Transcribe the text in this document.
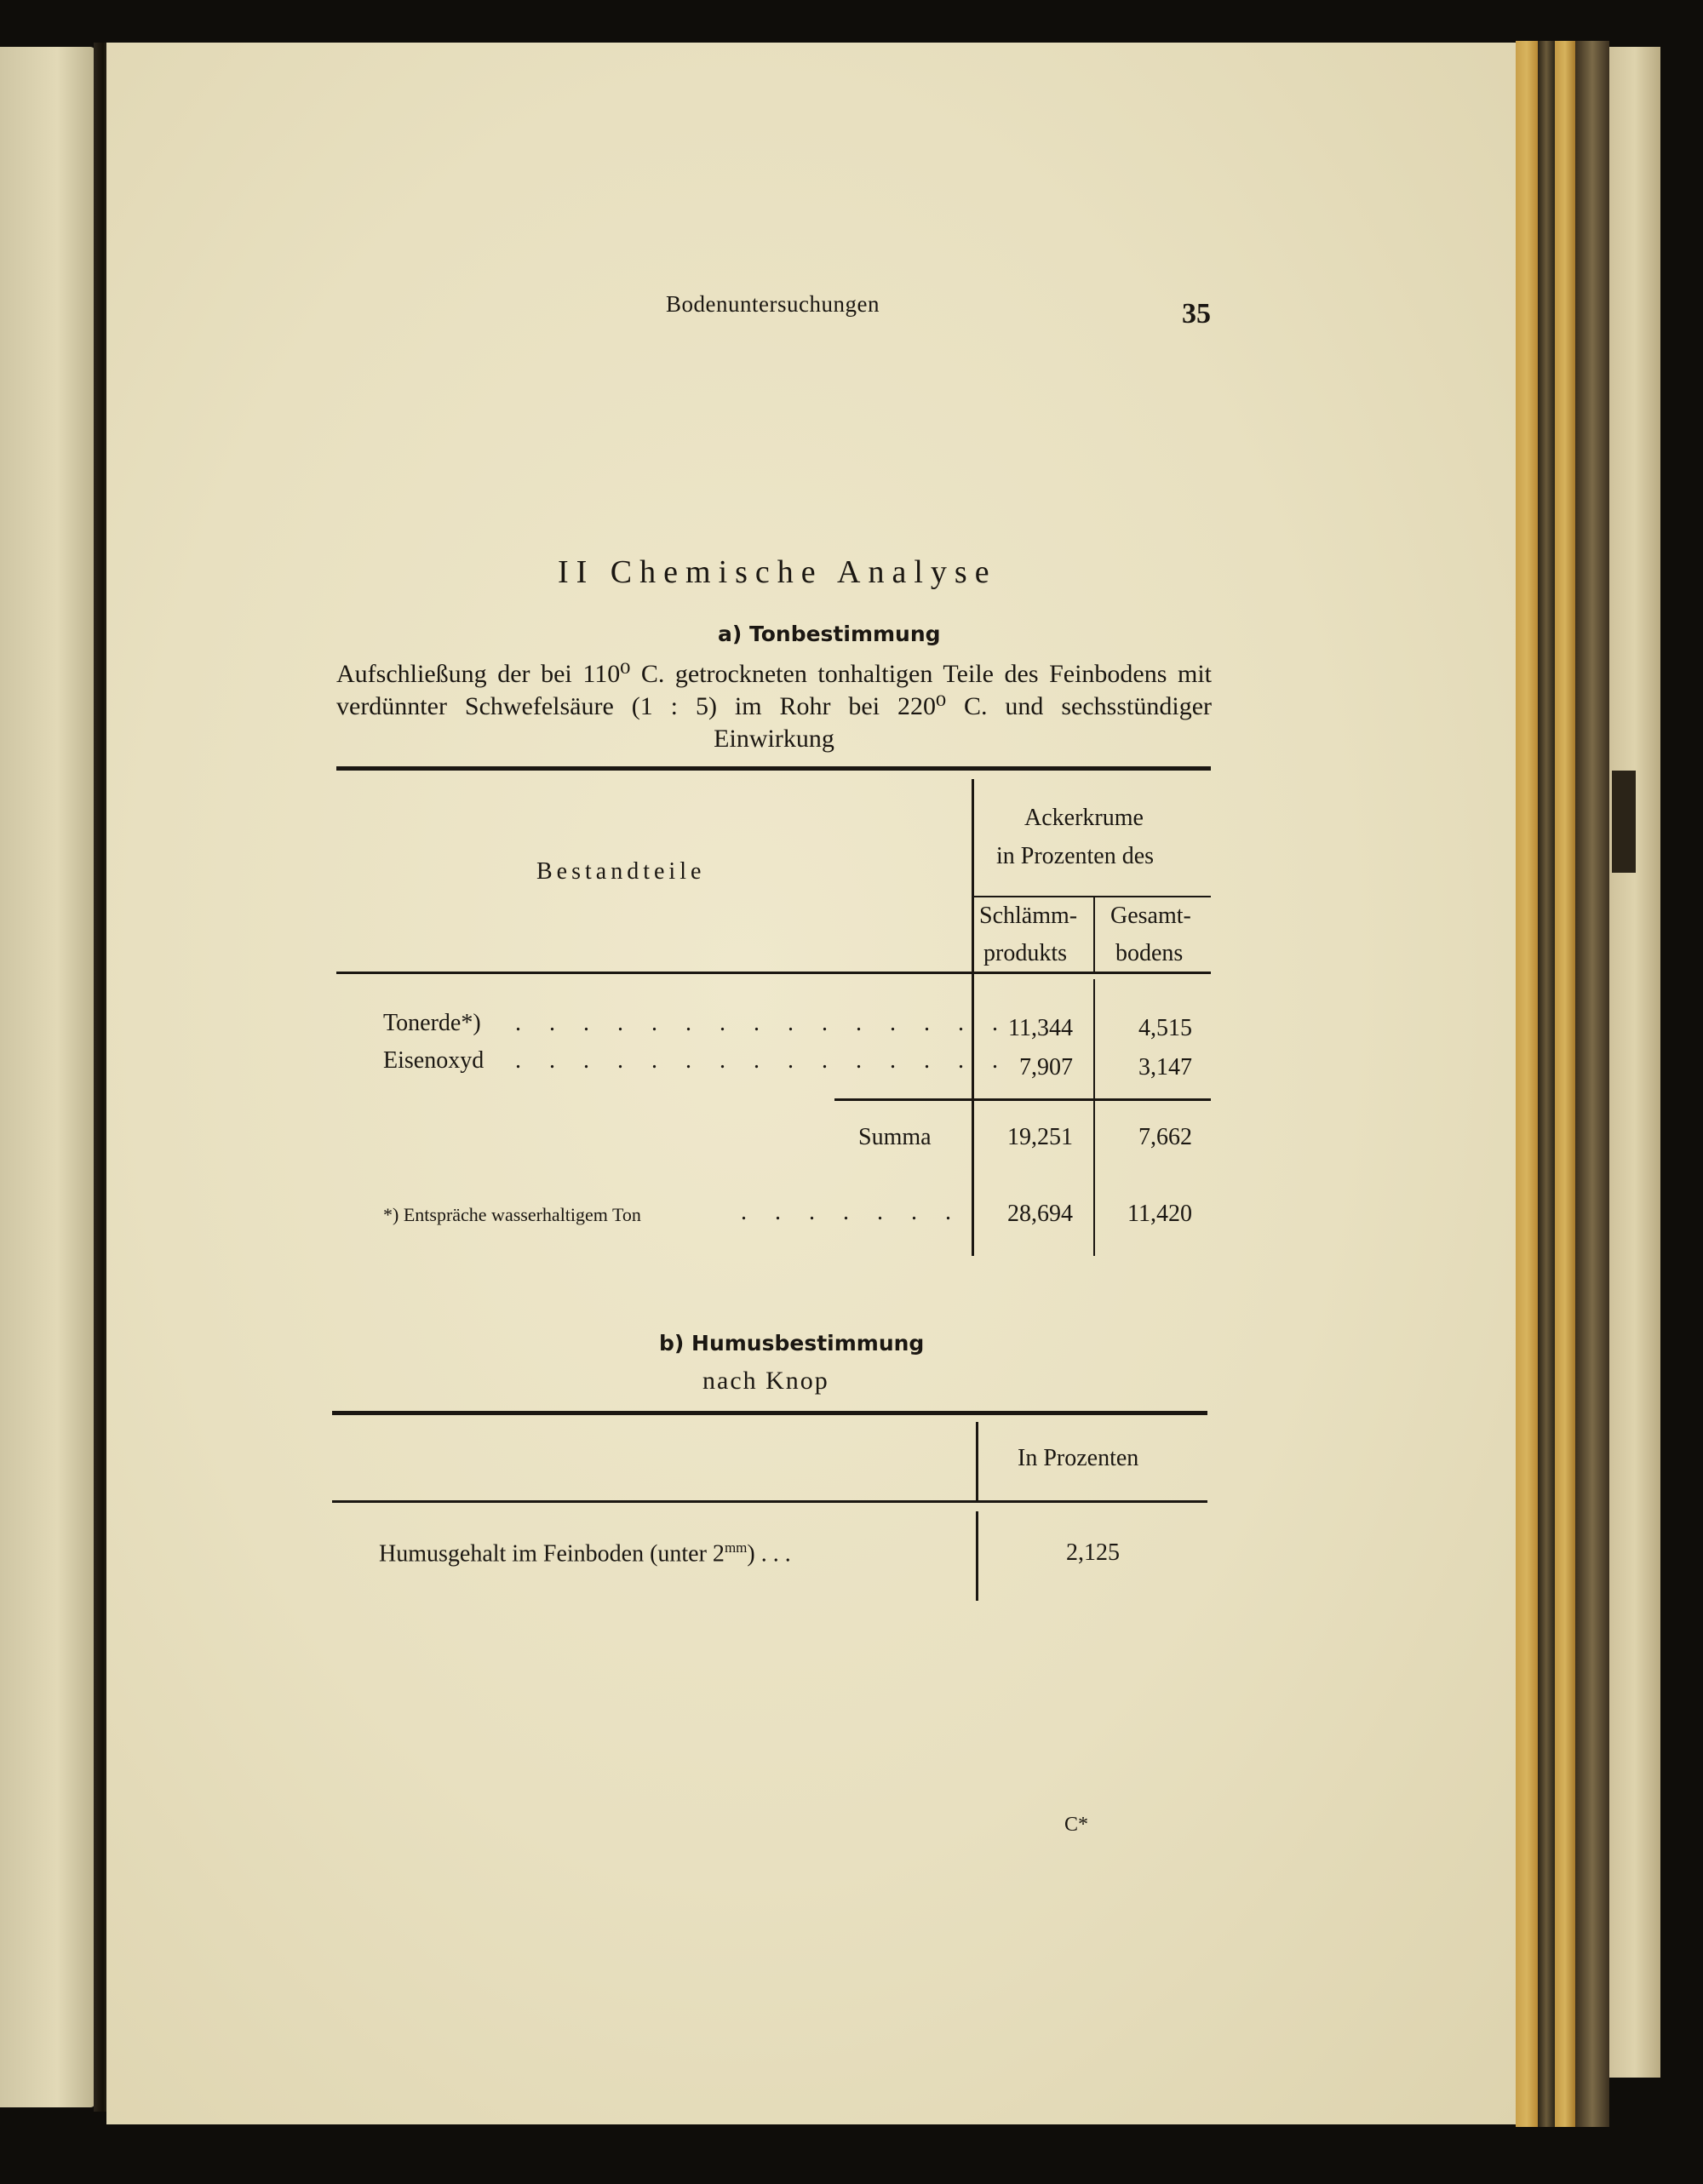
Bodenuntersuchungen	35
II Chemische Analyse
a) Tonbestimmung
Aufschließung der bei 110⁰ C. getrockneten tonhaltigen Teile des Feinbodens mit verdünnter Schwefelsäure (1 : 5) im Rohr bei 220⁰ C. und sechsstündiger Einwirkung
Bestandteile
Ackerkrume
in Prozenten des
Schlämm-
produkts
Gesamt-
bodens
Tonerde*) . . . . . . . . . . . . . . . 11,344	4,515
Eisenoxyd . . . . . . . . . . . . . . . 7,907	3,147
Summa	19,251	7,662
*) Entspräche wasserhaltigem Ton	. . . . . . .	28,694	11,420
b) Humusbestimmung
nach Knop
In Prozenten
Humusgehalt im Feinboden (unter $2^{mm}$) . . .	2,125
C*
